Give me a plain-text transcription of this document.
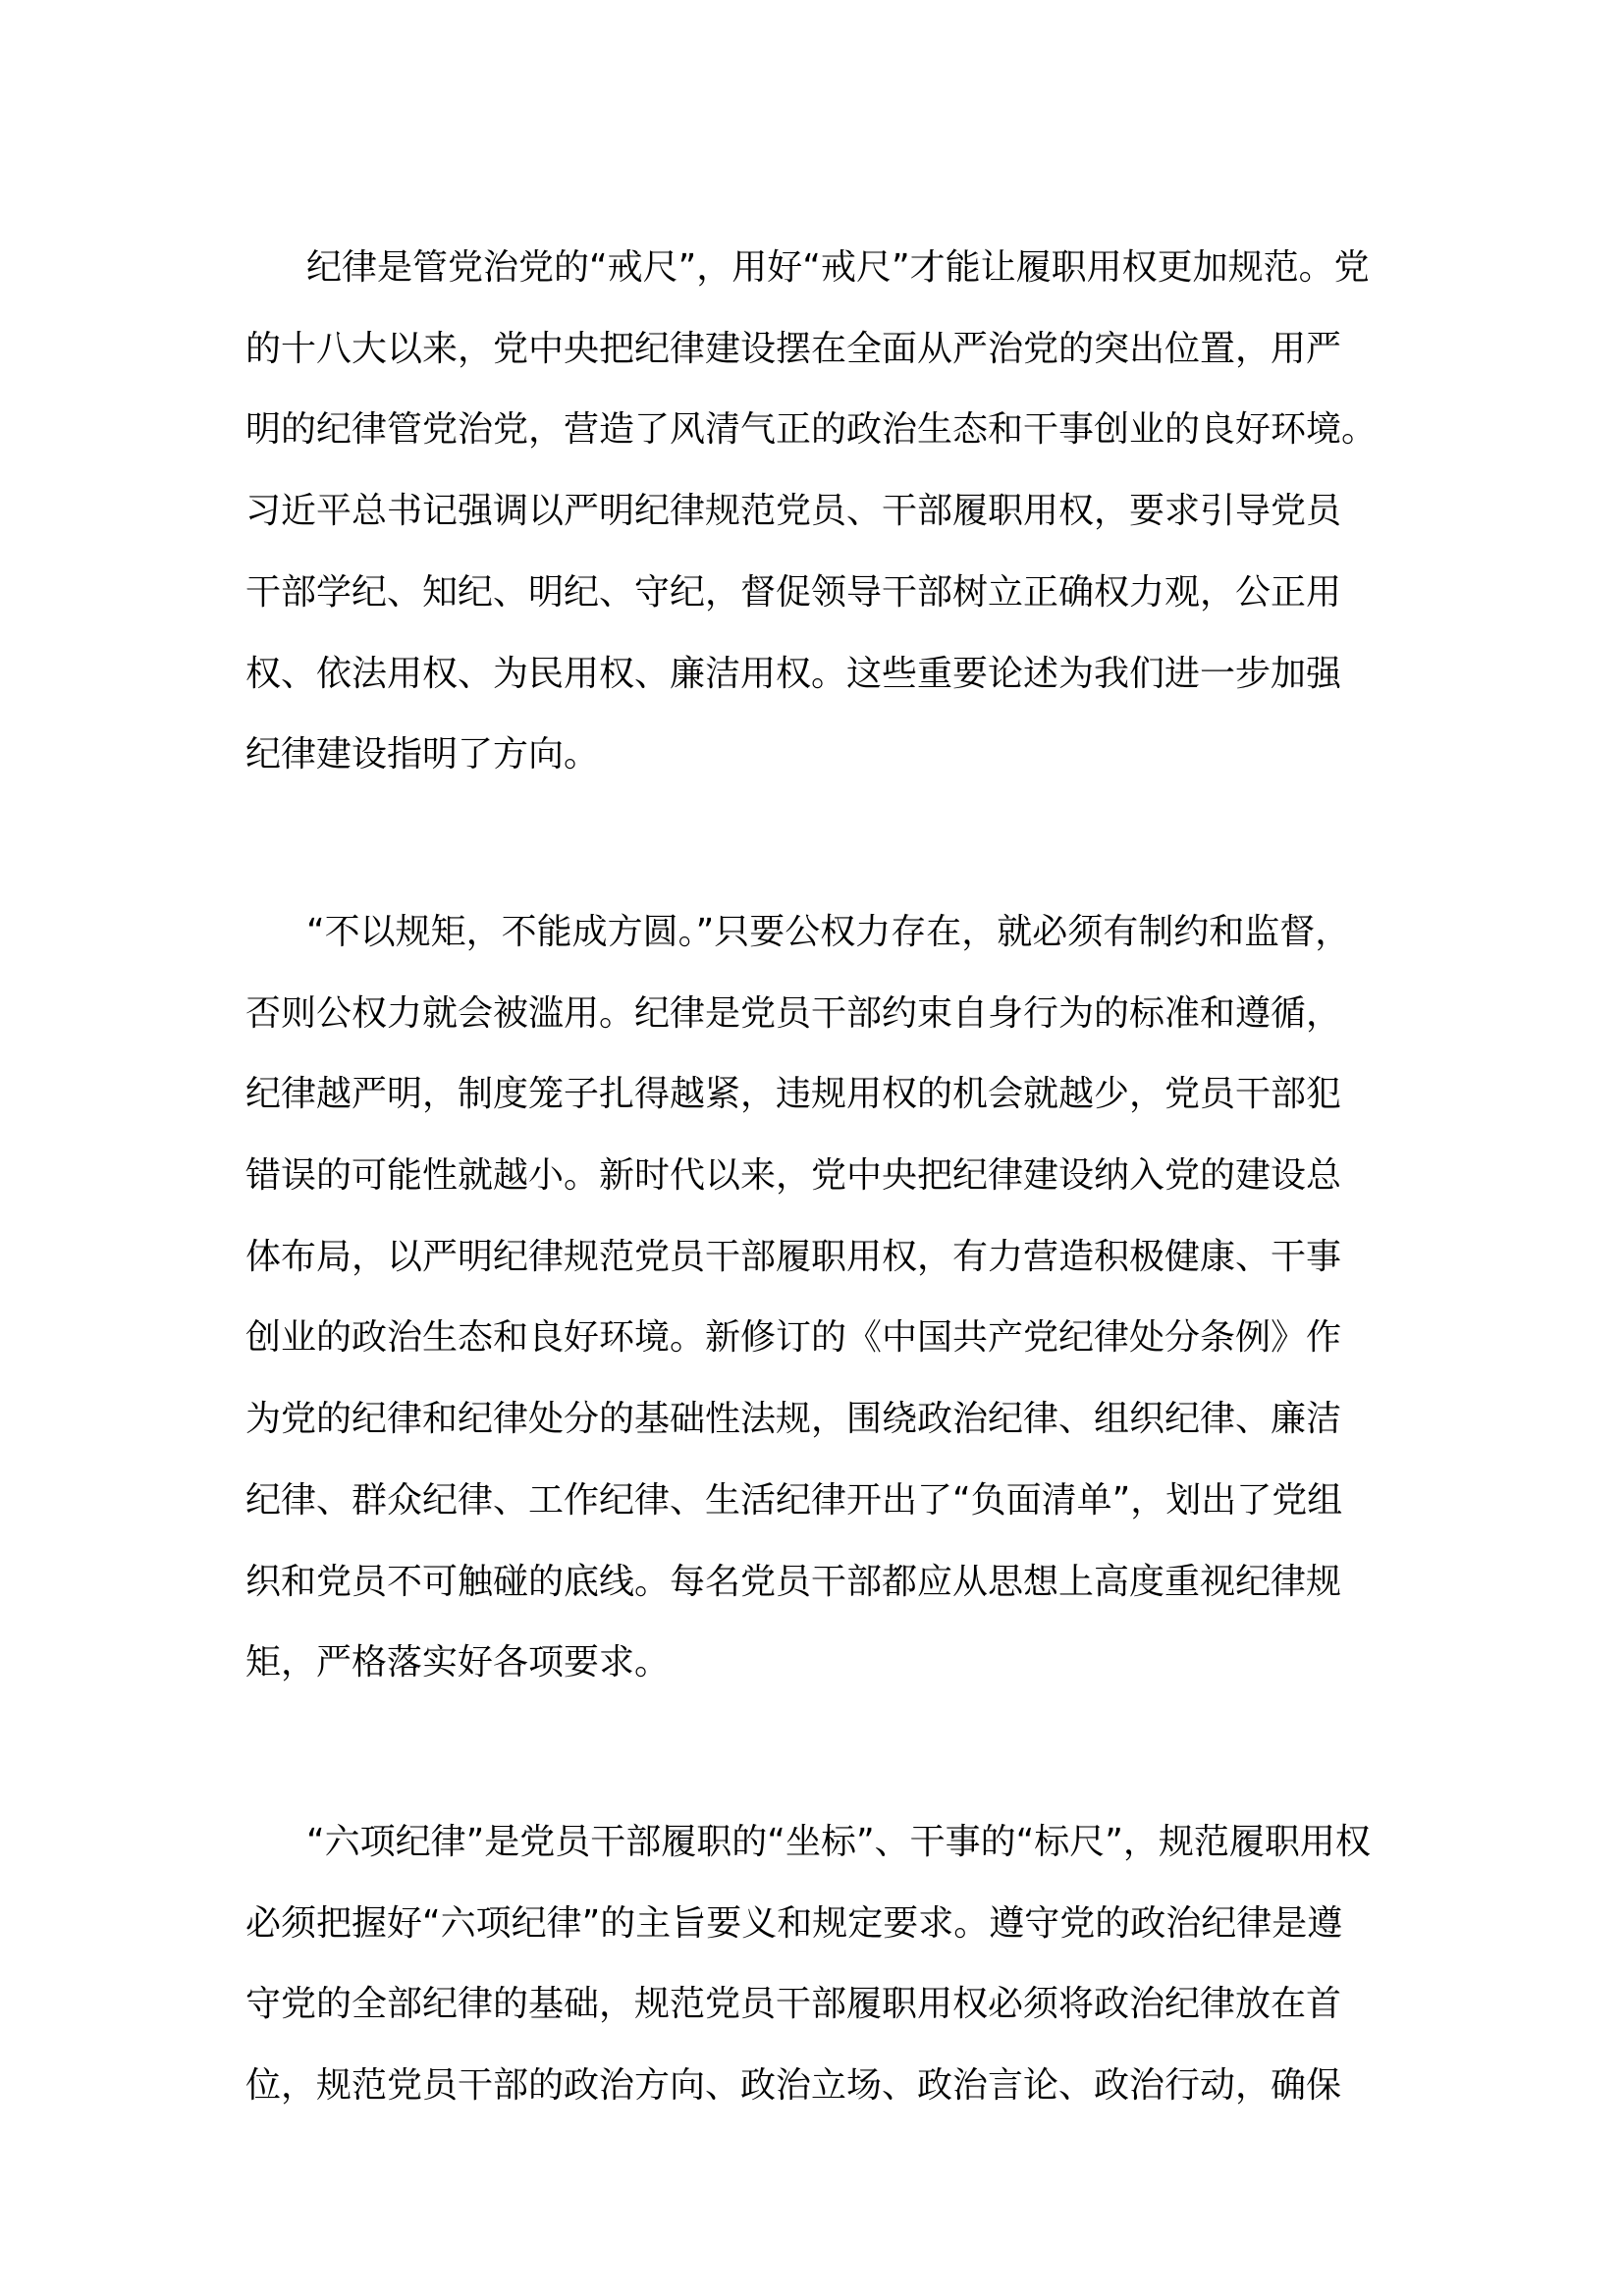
纪律是管党治党的“戒尺”，用好“戒尺”才能让履职用权更加规范。党
的十八大以来，党中央把纪律建设摆在全面从严治党的突出位置，用严
明的纪律管党治党，营造了风清气正的政治生态和干事创业的良好环境。
习近平总书记强调以严明纪律规范党员、干部履职用权，要求引导党员
干部学纪、知纪、明纪、守纪，督促领导干部树立正确权力观，公正用
权、依法用权、为民用权、廉洁用权。这些重要论述为我们进一步加强
纪律建设指明了方向。

“不以规矩，不能成方圆。”只要公权力存在，就必须有制约和监督，
否则公权力就会被滥用。纪律是党员干部约束自身行为的标准和遵循，
纪律越严明，制度笼子扎得越紧，违规用权的机会就越少，党员干部犯
错误的可能性就越小。新时代以来，党中央把纪律建设纳入党的建设总
体布局，以严明纪律规范党员干部履职用权，有力营造积极健康、干事
创业的政治生态和良好环境。新修订的《中国共产党纪律处分条例》作
为党的纪律和纪律处分的基础性法规，围绕政治纪律、组织纪律、廉洁
纪律、群众纪律、工作纪律、生活纪律开出了“负面清单”，划出了党组
织和党员不可触碰的底线。每名党员干部都应从思想上高度重视纪律规
矩，严格落实好各项要求。

“六项纪律”是党员干部履职的“坐标”、干事的“标尺”，规范履职用权
必须把握好“六项纪律”的主旨要义和规定要求。遵守党的政治纪律是遵
守党的全部纪律的基础，规范党员干部履职用权必须将政治纪律放在首
位，规范党员干部的政治方向、政治立场、政治言论、政治行动，确保
